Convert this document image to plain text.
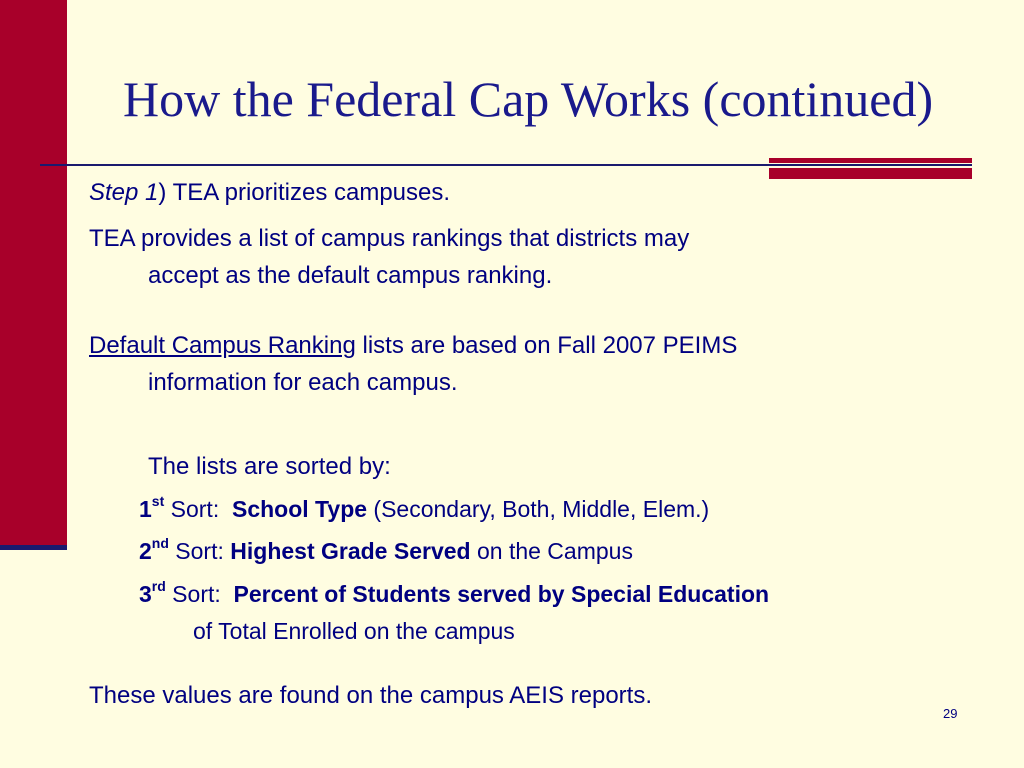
How the Federal Cap Works (continued)
Step 1) TEA prioritizes campuses.
TEA provides a list of campus rankings that districts may
accept as the default campus ranking.
Default Campus Ranking lists are based on Fall 2007 PEIMS
information for each campus.
The lists are sorted by:
1st Sort:  School Type (Secondary, Both, Middle, Elem.)
2nd Sort: Highest Grade Served on the Campus
3rd Sort:  Percent of Students served by Special Education
of Total Enrolled on the campus
These values are found on the campus AEIS reports.
29
